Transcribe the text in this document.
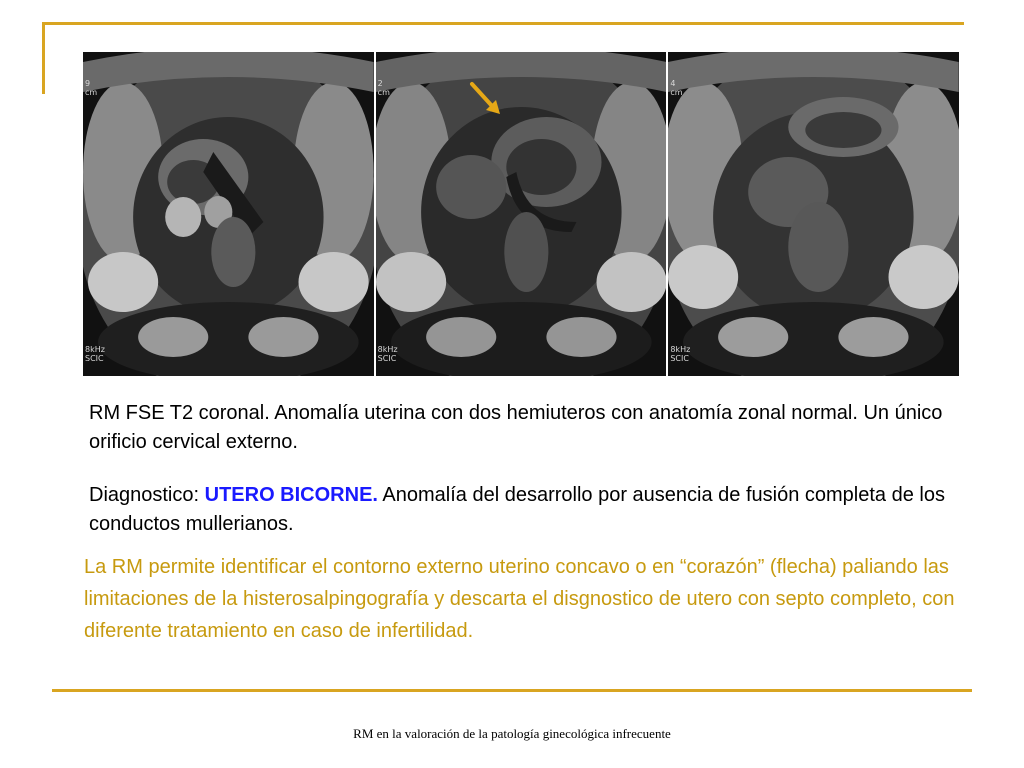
9
cm
8kHz
SCIC
2
cm
8kHz
SCIC
4
cm
8kHz
SCIC

RM FSE T2 coronal. Anomalía uterina con dos hemiuteros con anatomía zonal normal. Un único orificio cervical externo.

Diagnostico: UTERO BICORNE. Anomalía del desarrollo por ausencia de fusión completa de los conductos mullerianos.

La RM permite identificar el contorno externo uterino concavo o en “corazón” (flecha) paliando las limitaciones de la histerosalpingografía y descarta el disgnostico de utero con septo completo, con diferente tratamiento en caso de infertilidad.

RM en la valoración de la patología ginecológica infrecuente
